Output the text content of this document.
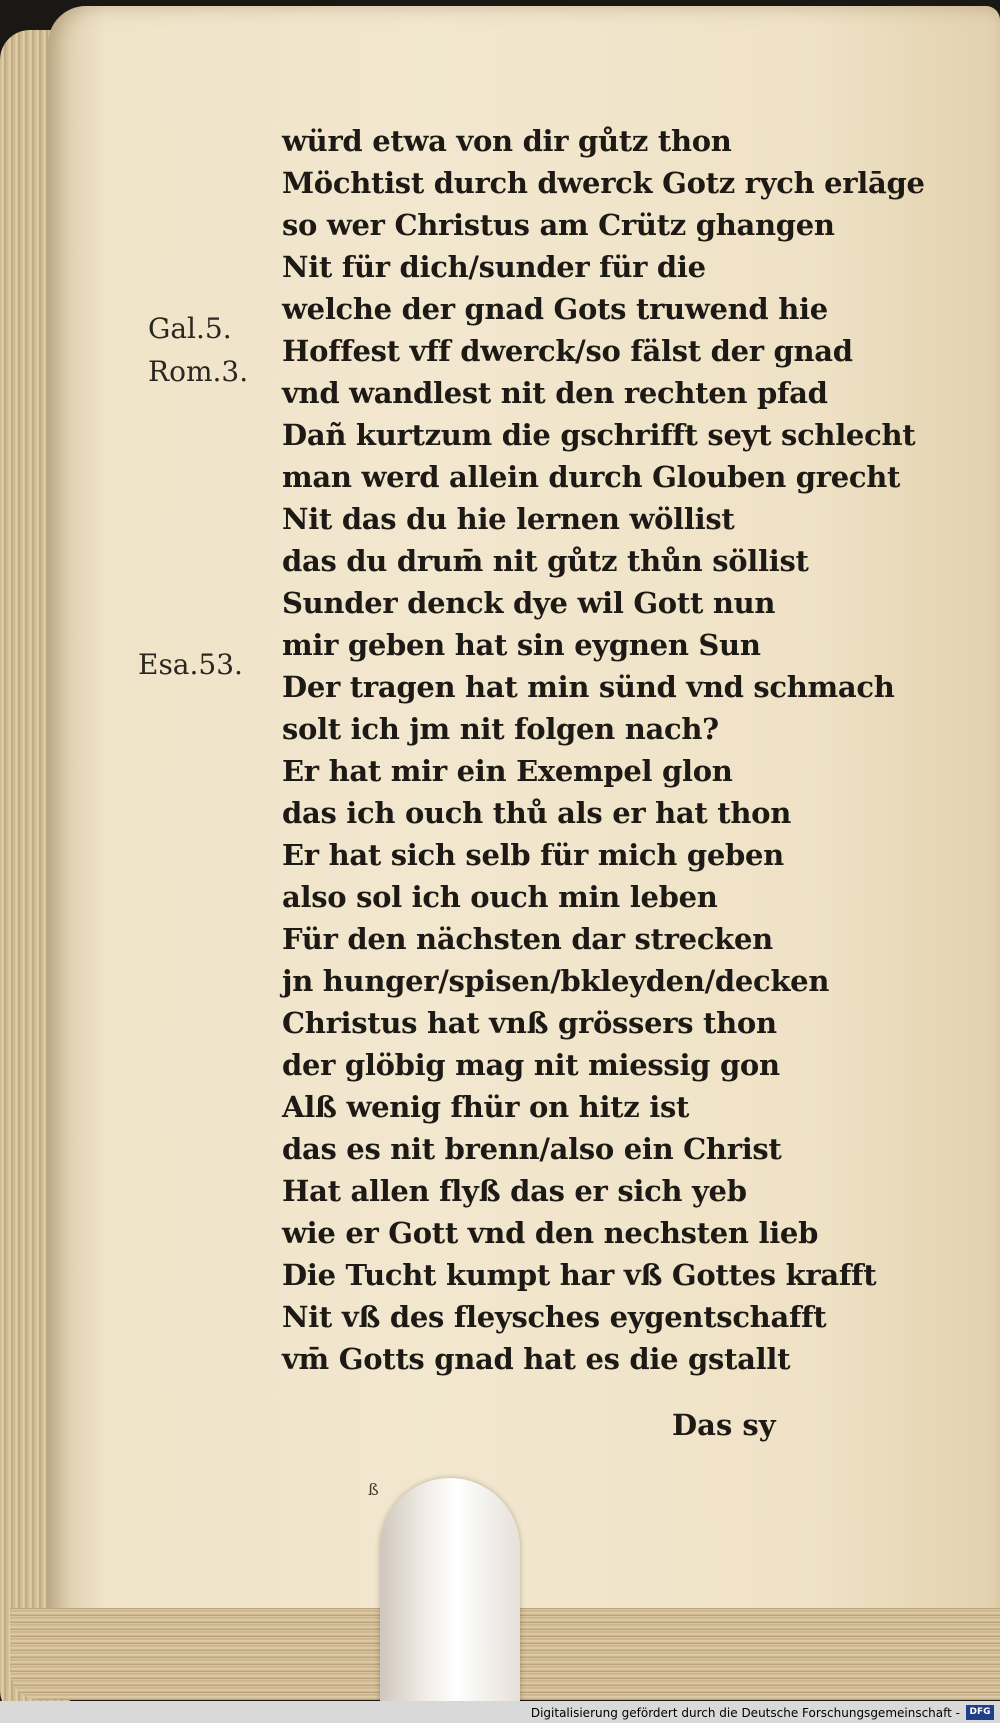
Gal.5.
Rom.3.
Esa.53.
würd etwa von dir gůtz thon
Möchtist durch dwerck Gotz rych erlāge
so wer Christus am Crütz ghangen
Nit für dich/sunder für die
welche der gnad Gots truwend hie
Hoffest vff dwerck/so fälst der gnad
vnd wandlest nit den rechten pfad
Dañ kurtzum die gschrifft seyt schlecht
man werd allein durch Glouben grecht
Nit das du hie lernen wöllist
das du drum̄ nit gůtz thůn söllist
Sunder denck dye wil Gott nun
mir geben hat sin eygnen Sun
Der tragen hat min sünd vnd schmach
solt ich jm nit folgen nach?
Er hat mir ein Exempel glon
das ich ouch thů als er hat thon
Er hat sich selb für mich geben
also sol ich ouch min leben
Für den nächsten dar strecken
jn hunger/spisen/bkleyden/decken
Christus hat vnß grössers thon
der glöbig mag nit miessig gon
Alß wenig fhür on hitz ist
das es nit brenn/also ein Christ
Hat allen flyß das er sich yeb
wie er Gott vnd den nechsten lieb
Die Tucht kumpt har vß Gottes krafft
Nit vß des fleysches eygentschafft
vm̄ Gotts gnad hat es die gstallt
Das sy
ß
Digitalisierung gefördert durch die Deutsche Forschungsgemeinschaft -	DFG
